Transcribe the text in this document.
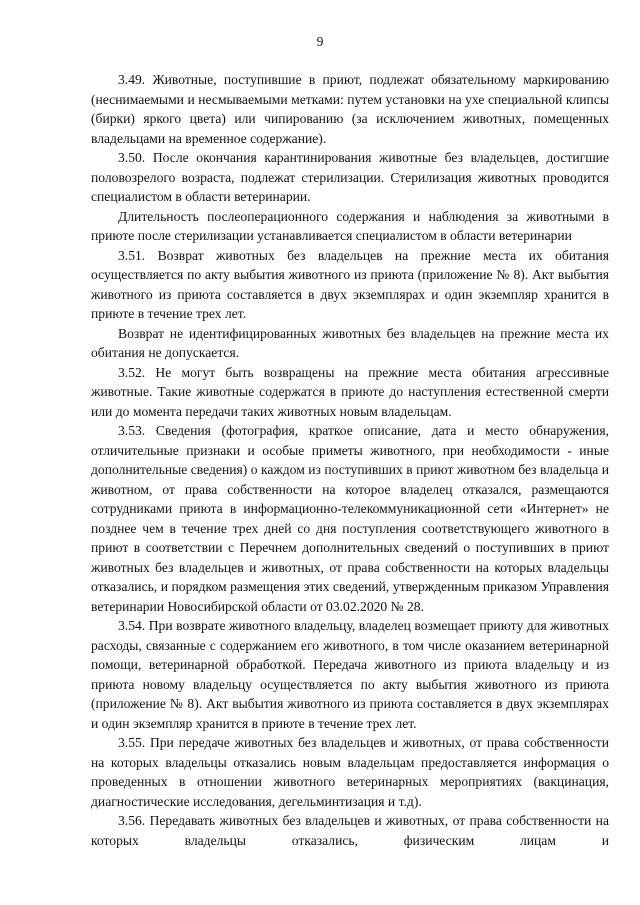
9

3.49. Животные, поступившие в приют, подлежат обязательному маркированию (неснимаемыми и несмываемыми метками: путем установки на ухе специальной клипсы (бирки) яркого цвета) или чипированию (за исключением животных, помещенных владельцами на временное содержание).

3.50. После окончания карантинирования животные без владельцев, достигшие половозрелого возраста, подлежат стерилизации. Стерилизация животных проводится специалистом в области ветеринарии.

Длительность послеоперационного содержания и наблюдения за животными в приюте после стерилизации устанавливается специалистом в области ветеринарии

3.51. Возврат животных без владельцев на прежние места их обитания осуществляется по акту выбытия животного из приюта (приложение № 8). Акт выбытия животного из приюта составляется в двух экземплярах и один экземпляр хранится в приюте в течение трех лет.

Возврат не идентифицированных животных без владельцев на прежние места их обитания не допускается.

3.52. Не могут быть возвращены на прежние места обитания агрессивные животные. Такие животные содержатся в приюте до наступления естественной смерти или до момента передачи таких животных новым владельцам.

3.53. Сведения (фотография, краткое описание, дата и место обнаружения, отличительные признаки и особые приметы животного, при необходимости - иные дополнительные сведения) о каждом из поступивших в приют животном без владельца и животном, от права собственности на которое владелец отказался, размещаются сотрудниками приюта в информационно-телекоммуникационной сети «Интернет» не позднее чем в течение трех дней со дня поступления соответствующего животного в приют в соответствии с Перечнем дополнительных сведений о поступивших в приют животных без владельцев и животных, от права собственности на которых владельцы отказались, и порядком размещения этих сведений, утвержденным приказом Управления ветеринарии Новосибирской области от 03.02.2020 № 28.

3.54. При возврате животного владельцу, владелец возмещает приюту для животных расходы, связанные с содержанием его животного, в том числе оказанием ветеринарной помощи, ветеринарной обработкой. Передача животного из приюта владельцу и из приюта новому владельцу осуществляется по акту выбытия животного из приюта (приложение № 8). Акт выбытия животного из приюта составляется в двух экземплярах и один экземпляр хранится в приюте в течение трех лет.

3.55. При передаче животных без владельцев и животных, от права собственности на которых владельцы отказались новым владельцам предоставляется информация о проведенных в отношении животного ветеринарных мероприятиях (вакцинация, диагностические исследования, дегельминтизация и т.д).

3.56. Передавать животных без владельцев и животных, от права собственности на которых владельцы отказались, физическим лицам и
